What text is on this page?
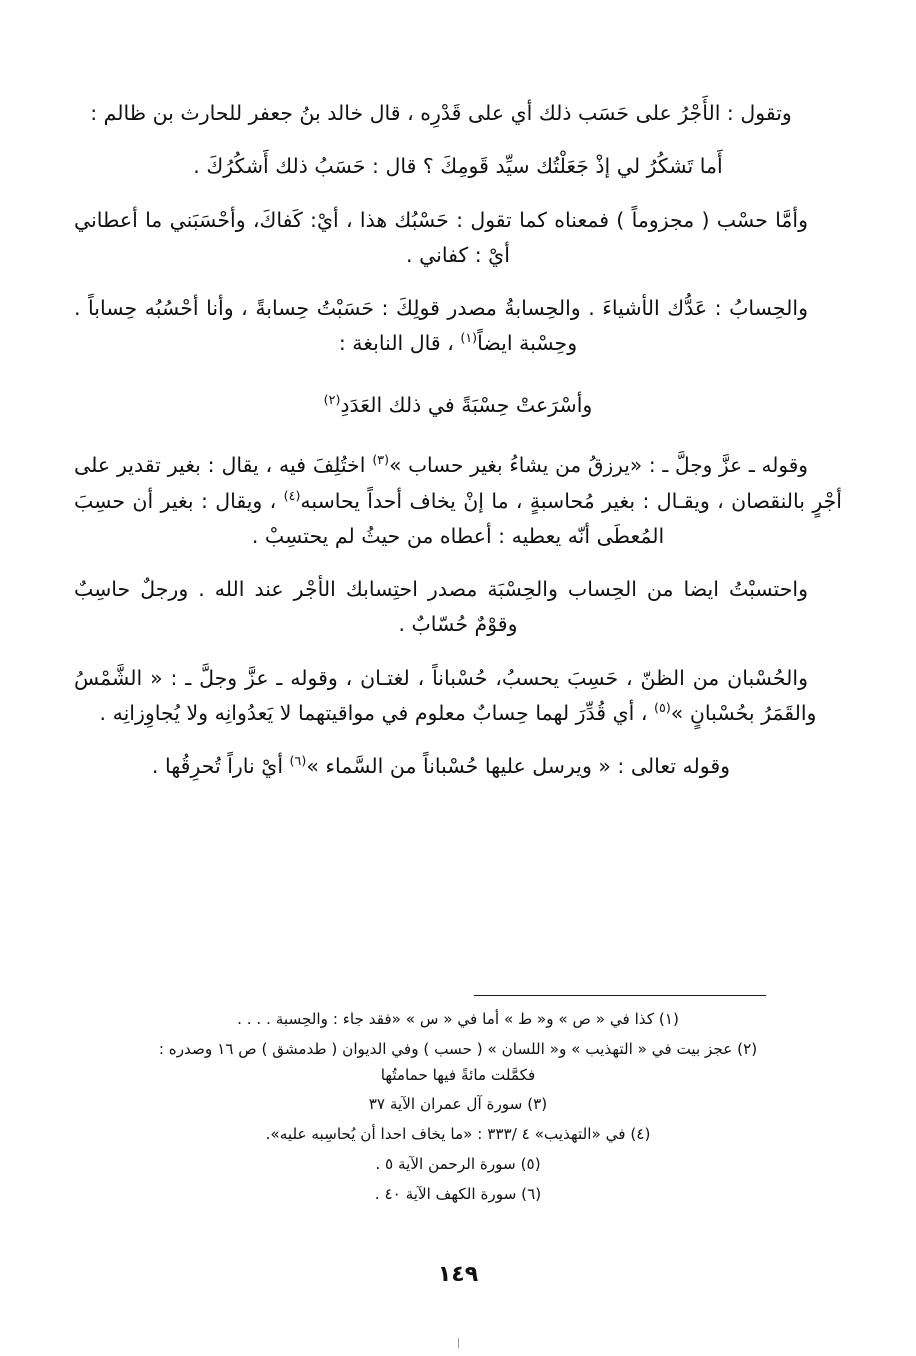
وتقول : الأَجْرُ على حَسَب ذلك أي على قَدْرِه ، قال خالد بنُ جعفر للحارث بن ظالم :

أَما تَشكُرُ لي إذْ جَعَلْتُك سيِّد قَومِكَ ؟ قال : حَسَبُ ذلك أَشكُرُكَ .

وأمَّا حسْب ( مجزوماً ) فمعناه كما تقول : حَسْبُك هذا ، أيْ: كَفاكَ، وأحْسَبَني ما أعطاني أيْ : كفاني .

والحِسابُ : عَدُّك الأشياءَ . والحِسابةُ مصدر قولِكَ : حَسَبْتُ حِسابةً ، وأنا أحْسُبُه حِساباً . وحِسْبة ايضاً$^{(١)}$ ، قال النابغة :

وأسْرَعتْ حِسْبَةً في ذلك العَدَدِ$^{(٢)}$

وقوله ـ عزَّ وجلَّ ـ : «يرزقُ من يشاءُ بغير حساب »$^{(٣)}$ اختُلِفَ فيه ، يقال : بغير تقدير على أجْرٍ بالنقصان ، ويقـال : بغير مُحاسبةٍ ، ما إنْ يخاف أحداً يحاسبه$^{(٤)}$ ، ويقال : بغير أن حسِبَ المُعطَى أنّه يعطيه : أعطاه من حيثُ لم يحتسِبْ .

واحتسبْتُ ايضا من الحِساب والحِسْبَة مصدر احتِسابك الأجْر عند الله . ورجلٌ حاسِبٌ وقوْمٌ حُسّابٌ .

والحُسْبان من الظنّ ، حَسِبَ يحسبُ، حُسْباناً ، لغتـان ، وقوله ـ عزَّ وجلَّ ـ : « الشَّمْسُ والقَمَرُ بحُسْبانٍ »$^{(٥)}$ ، أي قُدِّرَ لهما حِسابٌ معلوم في مواقيتهما لا يَعدُوانِه ولا يُجاوِزانِه .

وقوله تعالى : « ويرسل عليها حُسْباناً من السَّماء »$^{(٦)}$ أيْ ناراً تُحرِقُها .

(١) كذا في « ص » و« ط » أما في « س » «فقد جاء : والحِسبة . . . .

(٢) عجز بيت في « التهذيب » و« اللسان » ( حسب ) وفي الديوان ( طدمشق ) ص ١٦ وصدره :

فكمَّلت مائةً فيها حمامتُها

(٣) سورة آل عمران الآية ٣٧

(٤) في «التهذيب» ٤ /٣٣٣ : «ما يخاف احدا أن يُحاسِبه عليه».

(٥) سورة الرحمن الآية ٥ .

(٦) سورة الكهف الآية ٤٠ .

١٤٩
